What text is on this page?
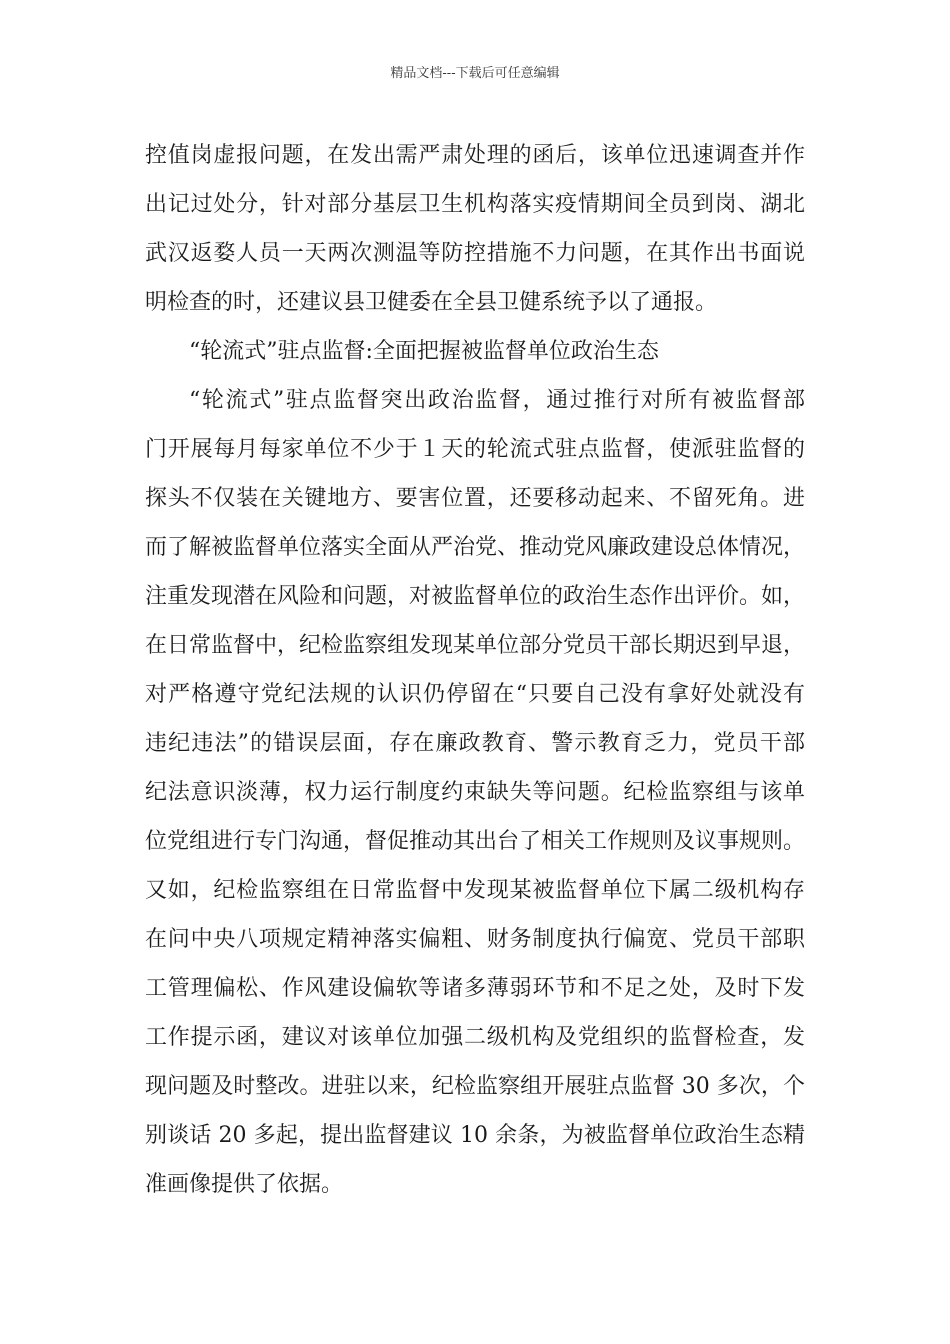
精品文档---下载后可任意编辑
控值岗虚报问题，在发出需严肃处理的函后，该单位迅速调查并作
出记过处分，针对部分基层卫生机构落实疫情期间全员到岗、湖北
武汉返婺人员一天两次测温等防控措施不力问题，在其作出书面说
明检查的时，还建议县卫健委在全县卫健系统予以了通报。
“轮流式”驻点监督:全面把握被监督单位政治生态
“轮流式”驻点监督突出政治监督，通过推行对所有被监督部
门开展每月每家单位不少于１天的轮流式驻点监督，使派驻监督的
探头不仅装在关键地方、要害位置，还要移动起来、不留死角。进
而了解被监督单位落实全面从严治党、推动党风廉政建设总体情况，
注重发现潜在风险和问题，对被监督单位的政治生态作出评价。如，
在日常监督中，纪检监察组发现某单位部分党员干部长期迟到早退，
对严格遵守党纪法规的认识仍停留在“只要自己没有拿好处就没有
违纪违法”的错误层面，存在廉政教育、警示教育乏力，党员干部
纪法意识淡薄，权力运行制度约束缺失等问题。纪检监察组与该单
位党组进行专门沟通，督促推动其出台了相关工作规则及议事规则。
又如，纪检监察组在日常监督中发现某被监督单位下属二级机构存
在问中央八项规定精神落实偏粗、财务制度执行偏宽、党员干部职
工管理偏松、作风建设偏软等诸多薄弱环节和不足之处，及时下发
工作提示函，建议对该单位加强二级机构及党组织的监督检查，发
现问题及时整改。进驻以来，纪检监察组开展驻点监督 30 多次，个
别谈话 20 多起，提出监督建议 10 余条，为被监督单位政治生态精
准画像提供了依据。
